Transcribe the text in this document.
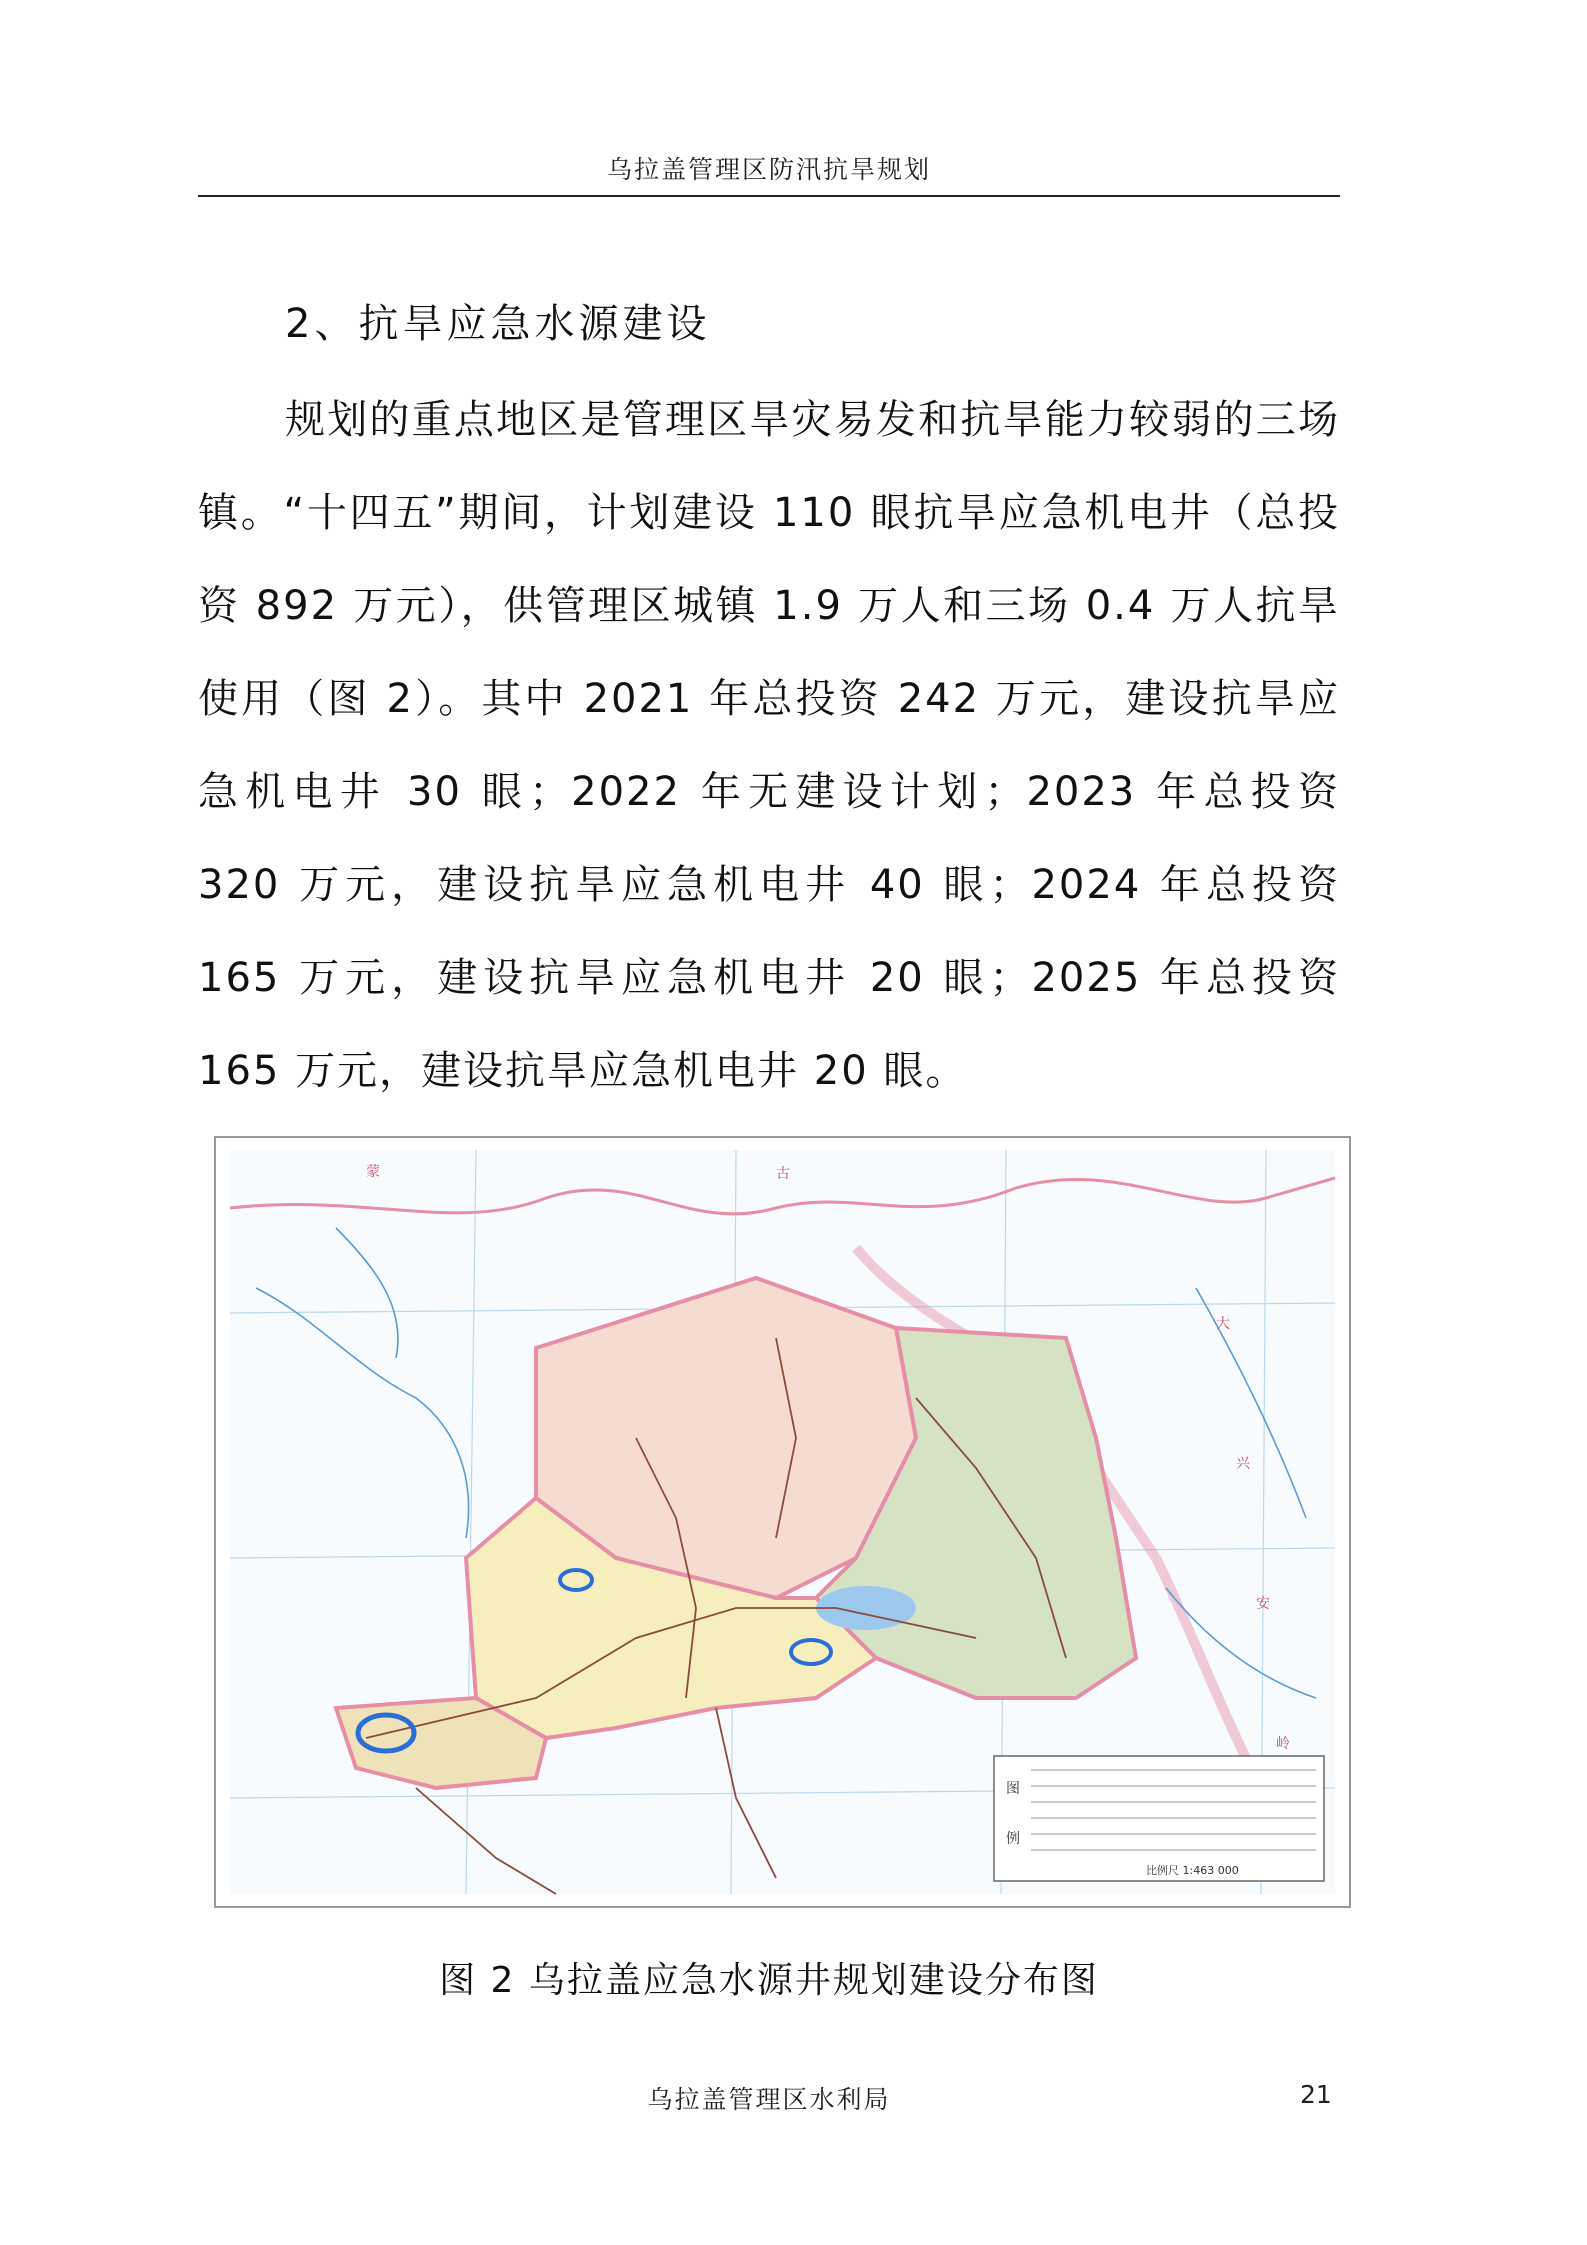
乌拉盖管理区防汛抗旱规划
2、抗旱应急水源建设

规划的重点地区是管理区旱灾易发和抗旱能力较弱的三场镇。“十四五”期间，计划建设 110 眼抗旱应急机电井（总投资 892 万元），供管理区城镇 1.9 万人和三场 0.4 万人抗旱使用（图 2）。其中 2021 年总投资 242 万元，建设抗旱应急机电井 30 眼；2022 年无建设计划；2023 年总投资 320 万元，建设抗旱应急机电井 40 眼；2024 年总投资 165 万元，建设抗旱应急机电井 20 眼；2025 年总投资 165 万元，建设抗旱应急机电井 20 眼。

蒙	古
大
兴
安
岭
图
例
比例尺 1:463 000
图 2 乌拉盖应急水源井规划建设分布图
乌拉盖管理区水利局	21
